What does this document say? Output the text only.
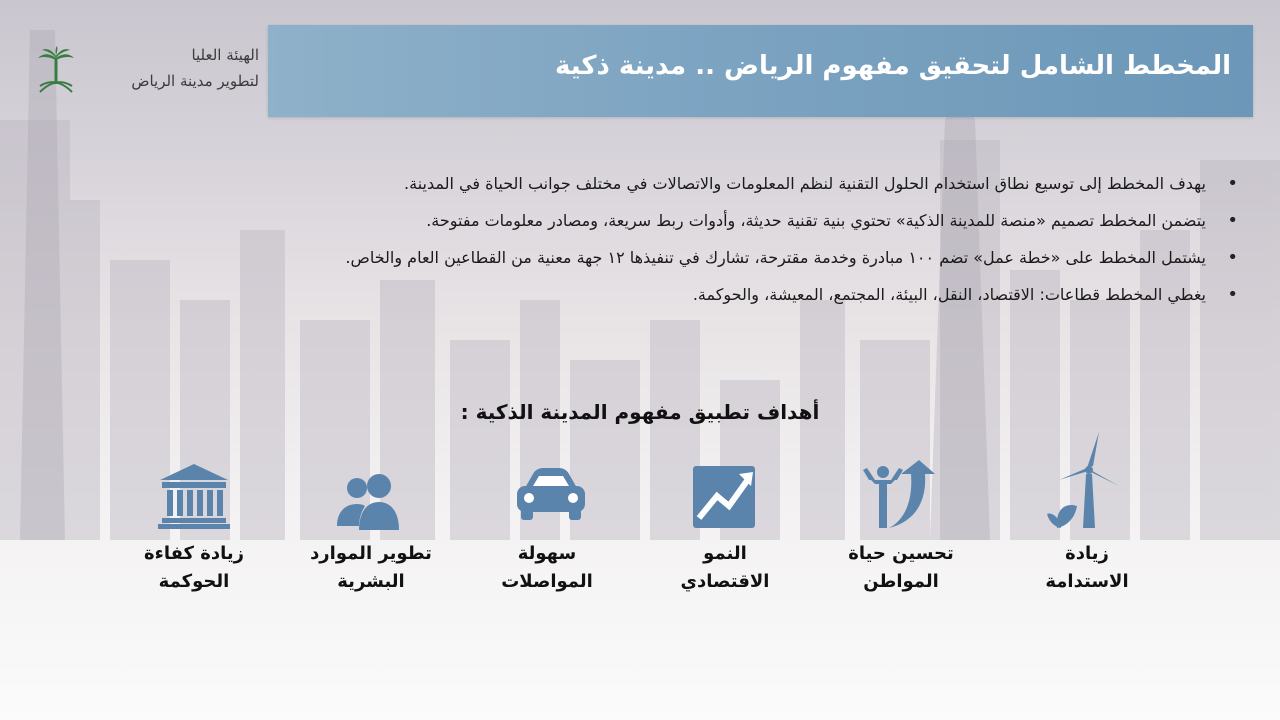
الهيئة العليا
لتطوير مدينة الرياض	المخطط الشامل لتحقيق مفهوم الرياض .. مدينة ذكية
•
يهدف المخطط إلى توسيع نطاق استخدام الحلول التقنية لنظم المعلومات والاتصالات في مختلف جوانب الحياة في المدينة.
•
يتضمن المخطط تصميم «منصة للمدينة الذكية» تحتوي بنية تقنية حديثة، وأدوات ربط سريعة، ومصادر معلومات مفتوحة.
•
يشتمل المخطط على «خطة عمل» تضم ١٠٠ مبادرة وخدمة مقترحة، تشارك في تنفيذها ١٢ جهة معنية من القطاعين العام والخاص.
•
يغطي المخطط قطاعات: الاقتصاد، النقل، البيئة، المجتمع، المعيشة، والحوكمة.
أهداف تطبيق مفهوم المدينة الذكية :
زيادة
الاستدامة
تحسين حياة
المواطن
النمو
الاقتصادي
سهولة
المواصلات
تطوير الموارد
البشرية
زيادة كفاءة
الحوكمة
